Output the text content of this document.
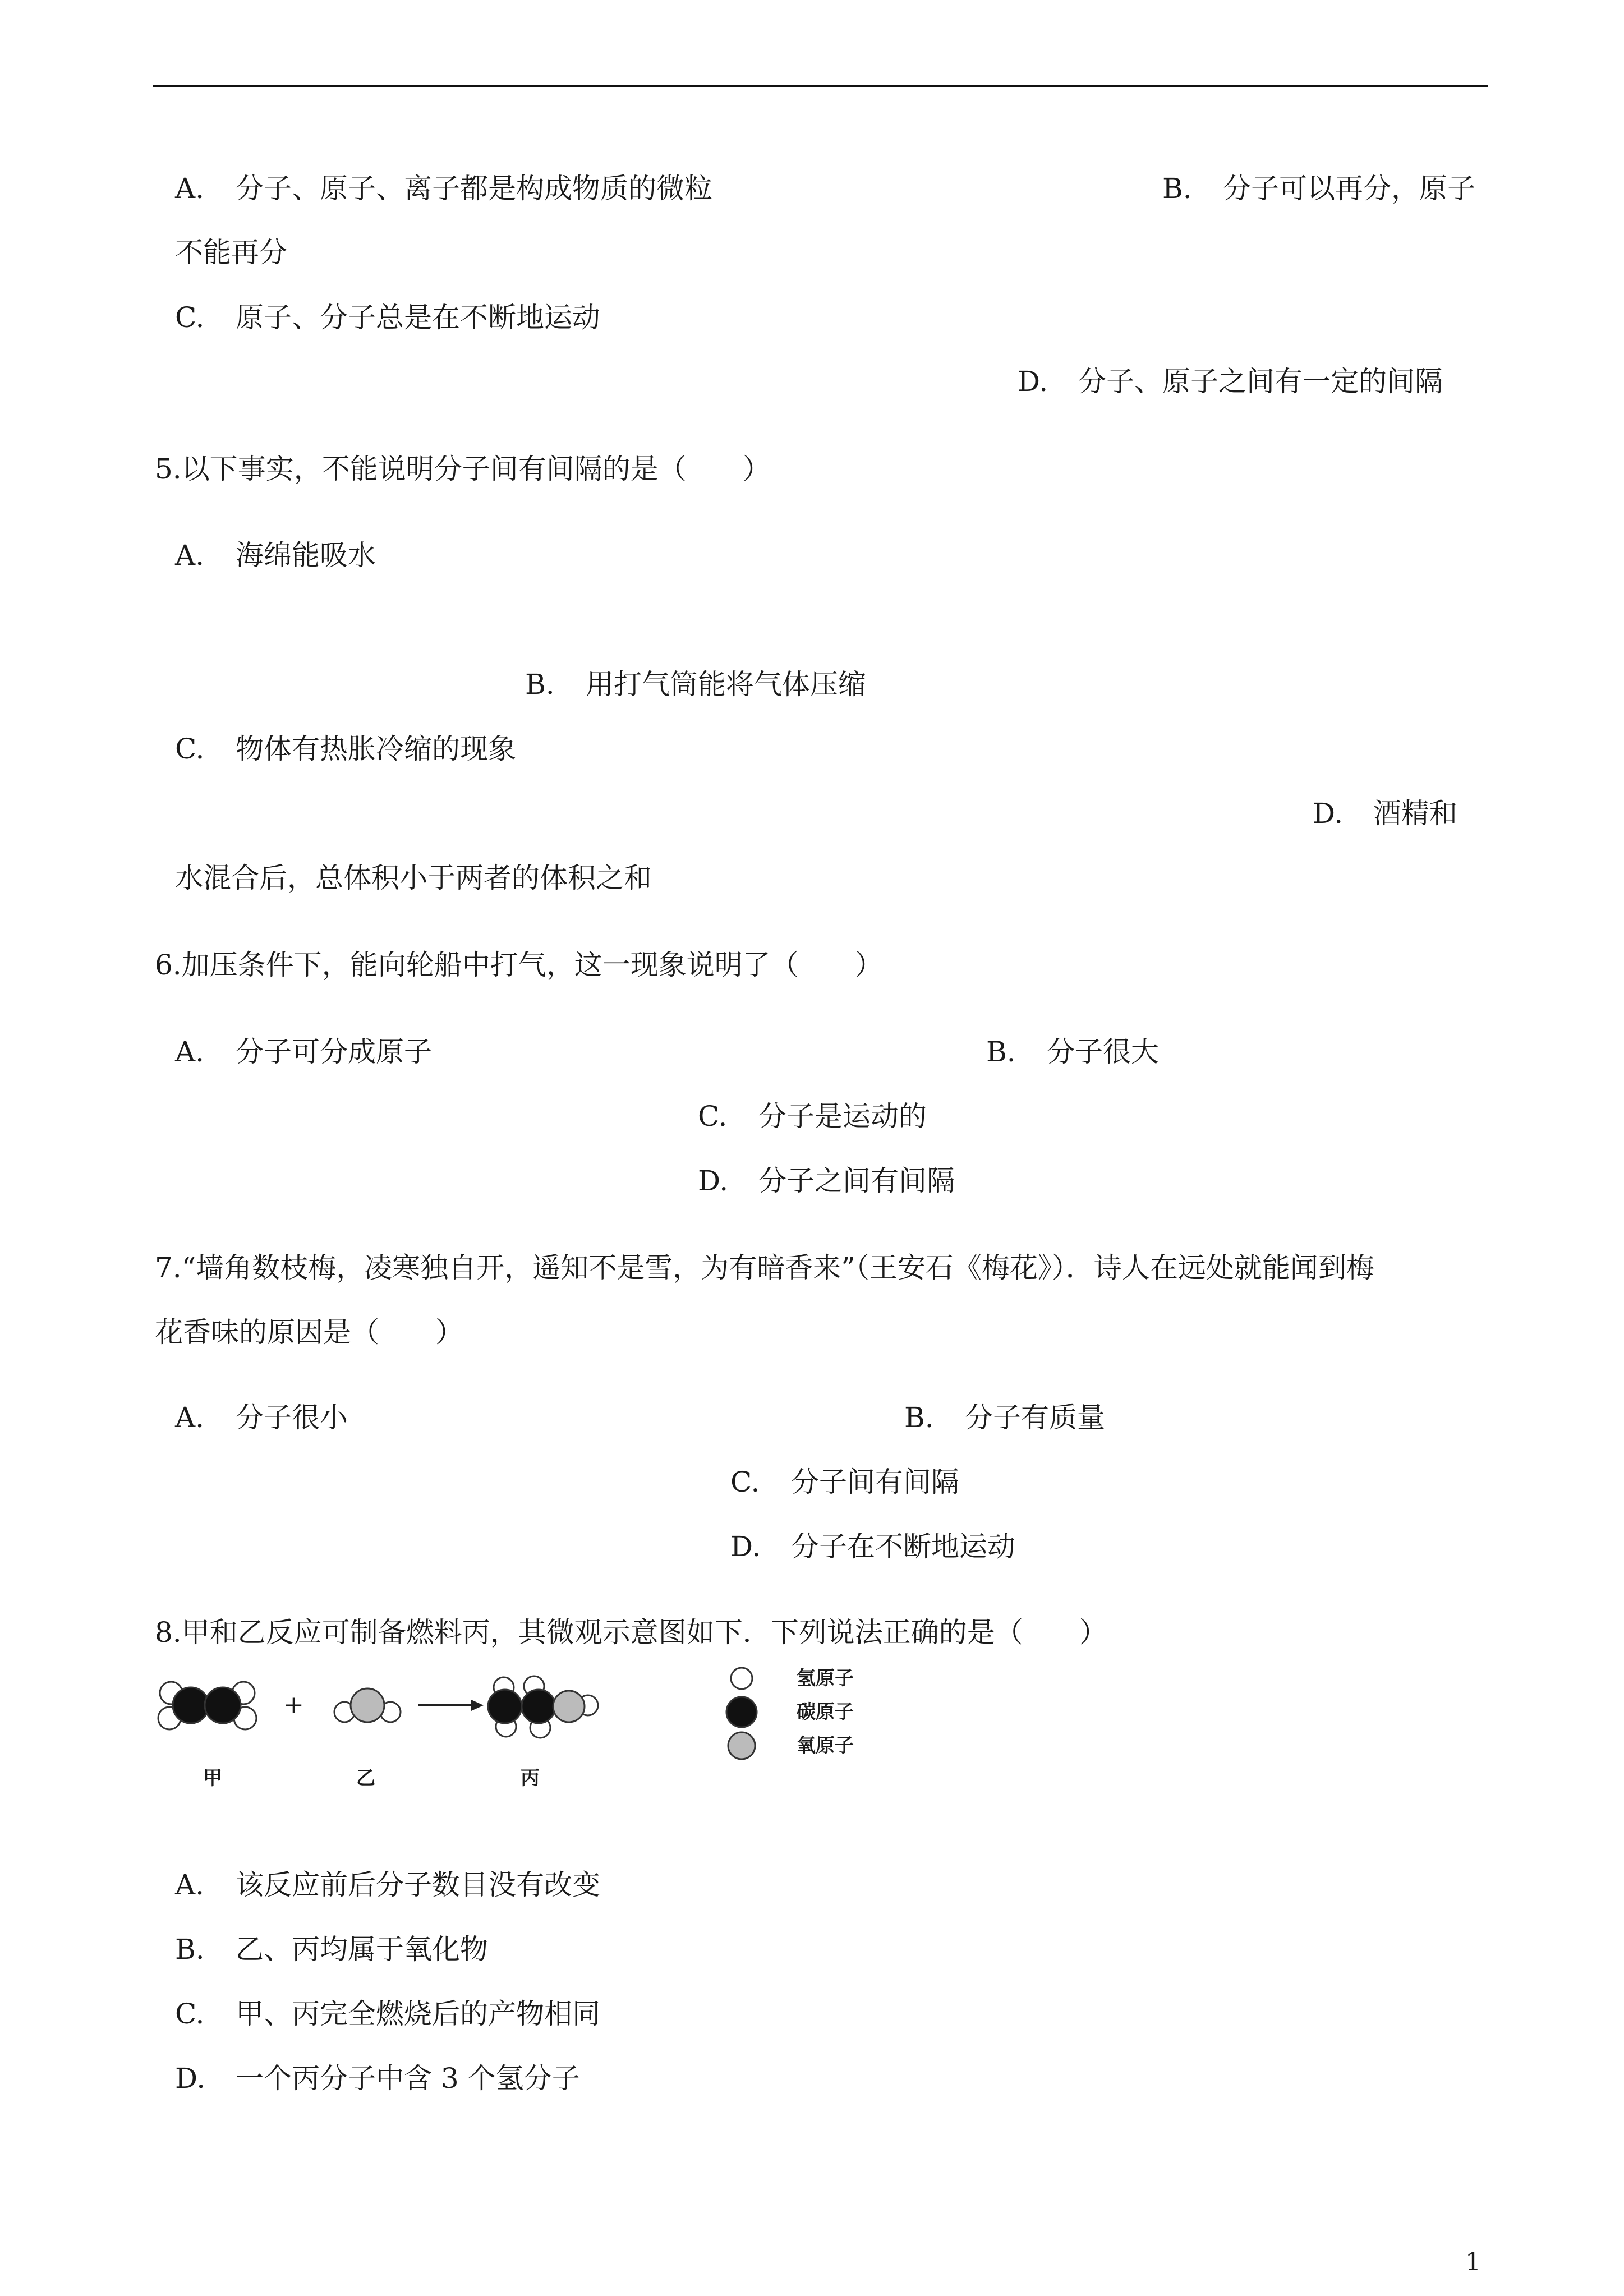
A. 分子、原子、离子都是构成物质的微粒	B. 分子可以再分，原子
不能再分
C. 原子、分子总是在不断地运动
D. 分子、原子之间有一定的间隔
5.以下事实，不能说明分子间有间隔的是（　　）
A. 海绵能吸水
B. 用打气筒能将气体压缩
C. 物体有热胀冷缩的现象
D. 酒精和
水混合后，总体积小于两者的体积之和
6.加压条件下，能向轮船中打气，这一现象说明了（　　）
A. 分子可分成原子	B. 分子很大
C. 分子是运动的
D. 分子之间有间隔
7.“墙角数枝梅，凌寒独自开，遥知不是雪，为有暗香来”（王安石《梅花》）．诗人在远处就能闻到梅
花香味的原因是（　　）
A. 分子很小	B. 分子有质量
C. 分子间有间隔
D. 分子在不断地运动
8.甲和乙反应可制备燃料丙，其微观示意图如下．下列说法正确的是（　　）
+
甲	乙	丙
氢原子
碳原子
氧原子
A. 该反应前后分子数目没有改变
B. 乙、丙均属于氧化物
C. 甲、丙完全燃烧后的产物相同
D. 一个丙分子中含 3 个氢分子
1
